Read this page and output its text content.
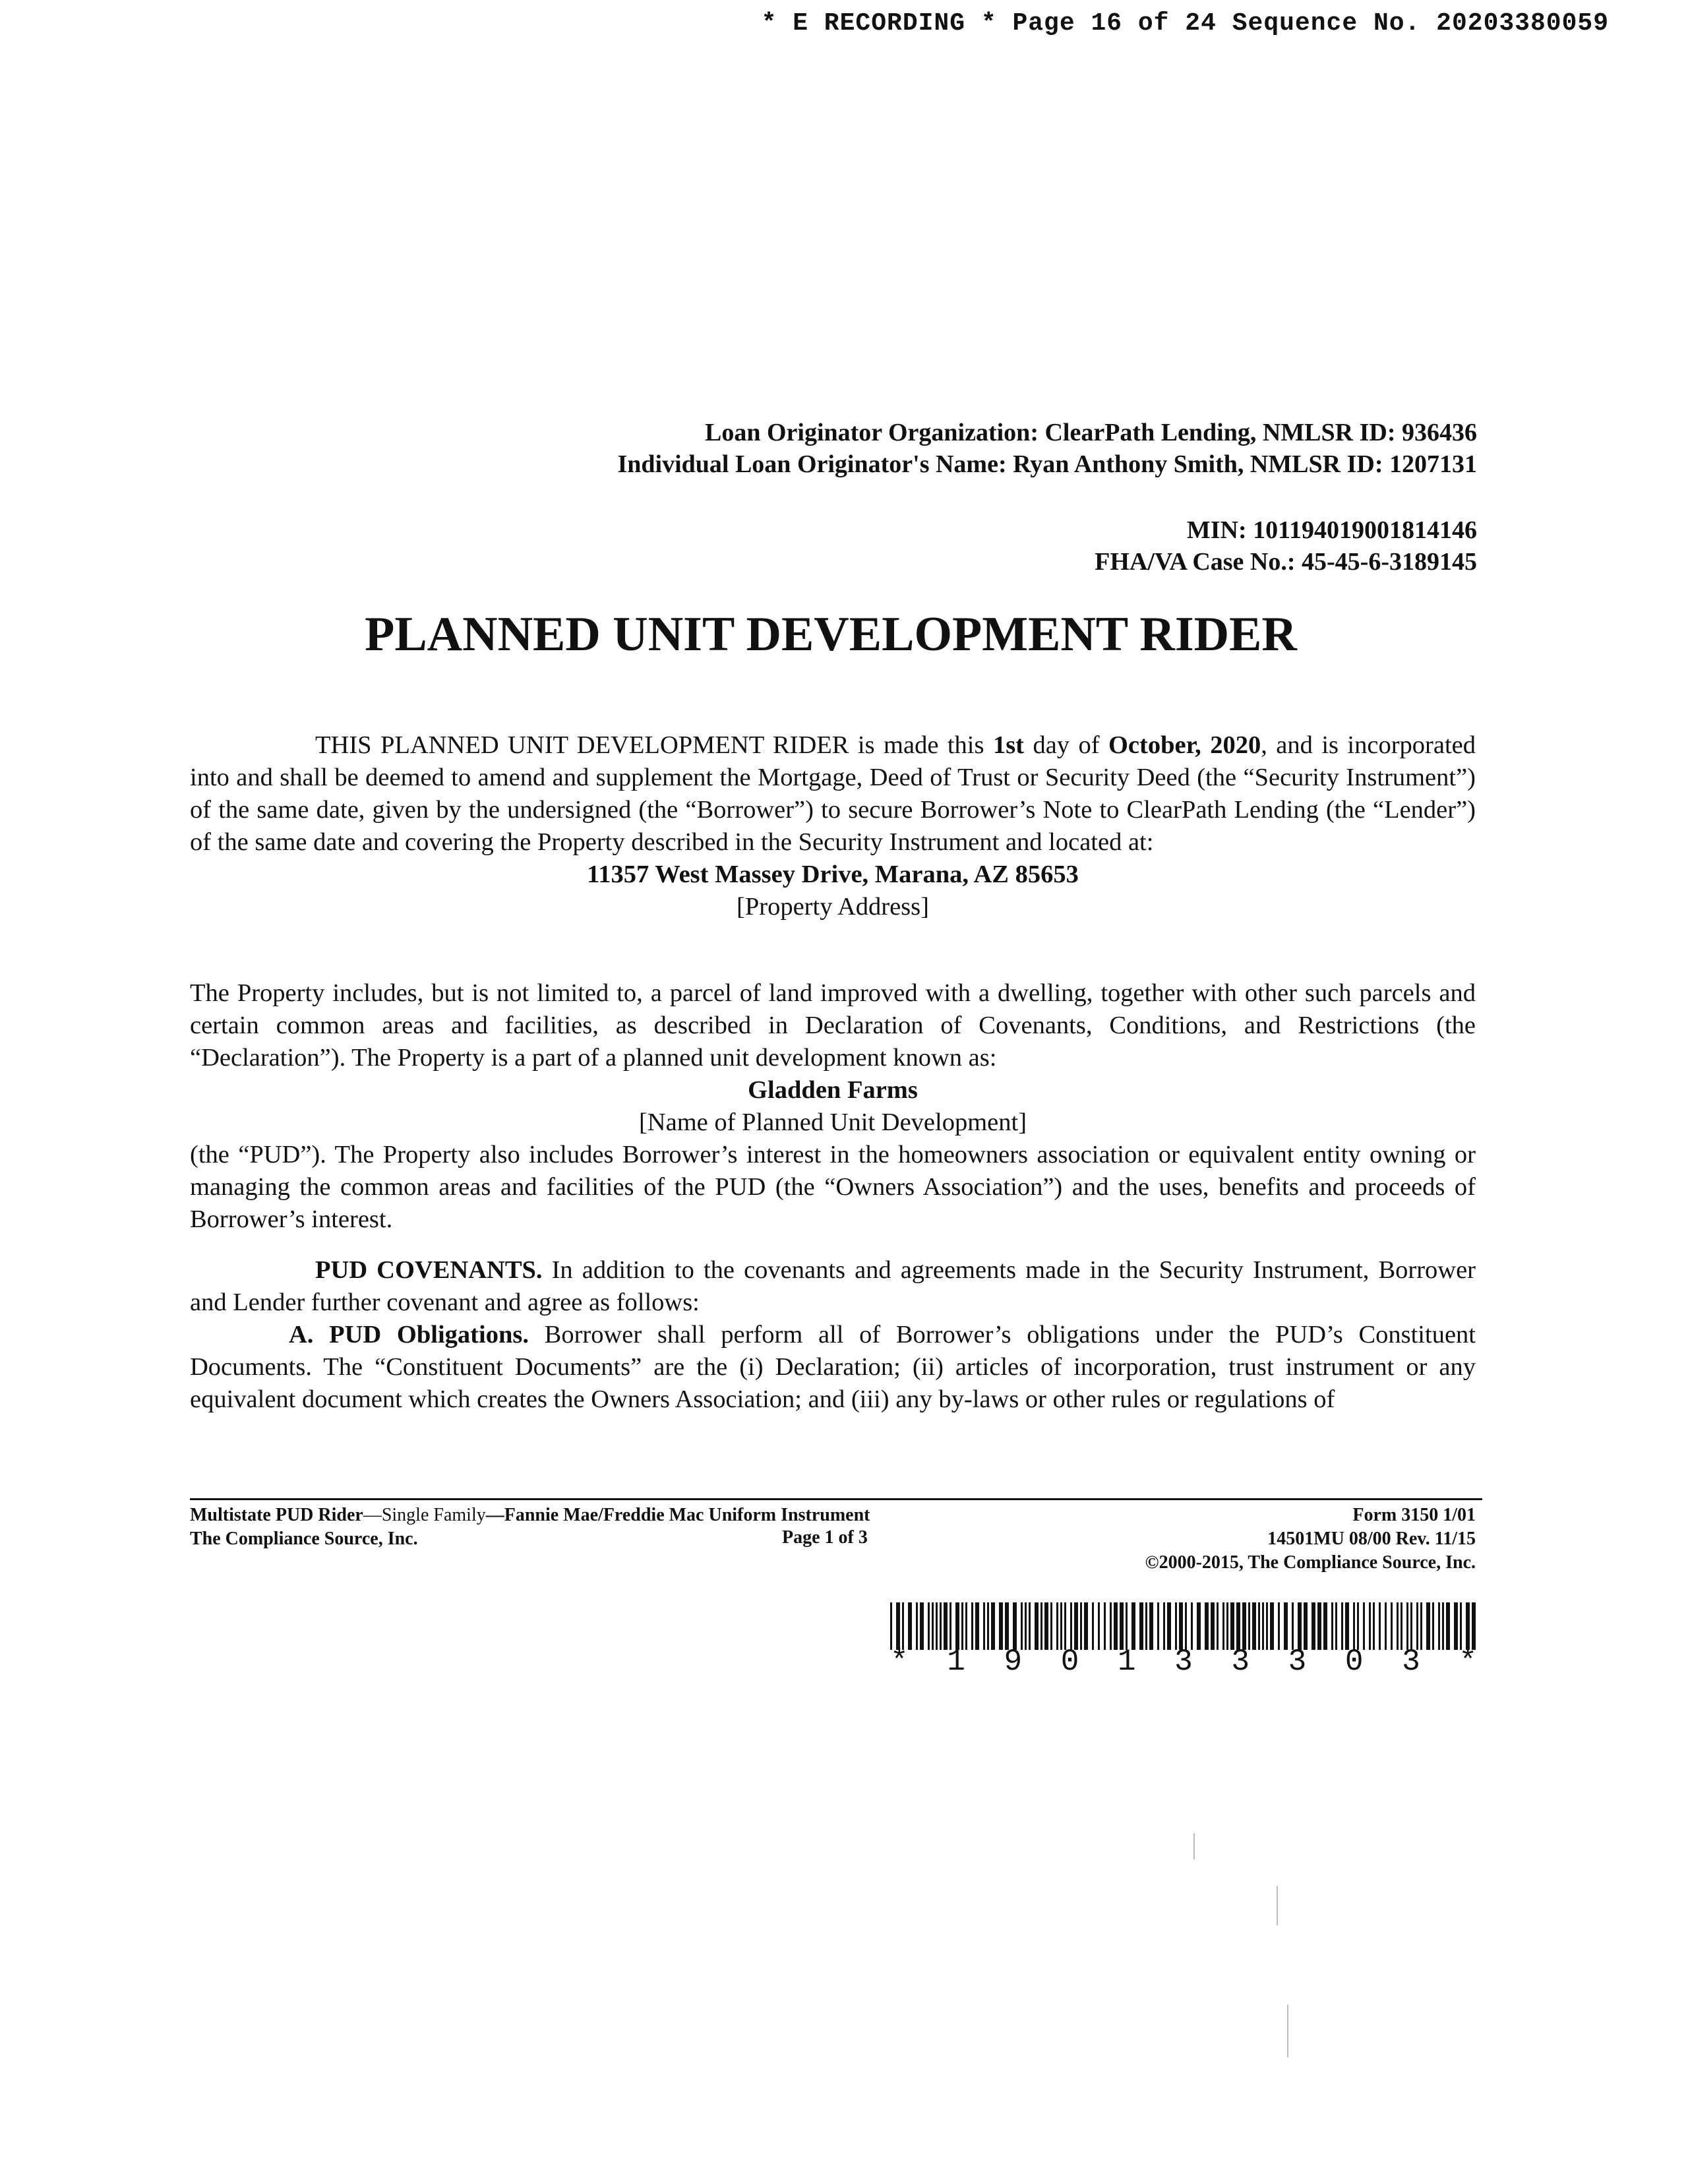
* E RECORDING * Page 16 of 24 Sequence No. 20203380059
Loan Originator Organization: ClearPath Lending, NMLSR ID: 936436
Individual Loan Originator's Name: Ryan Anthony Smith, NMLSR ID: 1207131
MIN: 101194019001814146
FHA/VA Case No.: 45-45-6-3189145
PLANNED UNIT DEVELOPMENT RIDER
THIS PLANNED UNIT DEVELOPMENT RIDER is made this 1st day of October, 2020, and is incorporated into and shall be deemed to amend and supplement the Mortgage, Deed of Trust or Security Deed (the “Security Instrument”) of the same date, given by the undersigned (the “Borrower”) to secure Borrower’s Note to ClearPath Lending (the “Lender”) of the same date and covering the Property described in the Security Instrument and located at:
11357 West Massey Drive, Marana, AZ 85653
[Property Address]
The Property includes, but is not limited to, a parcel of land improved with a dwelling, together with other such parcels and certain common areas and facilities, as described in Declaration of Covenants, Conditions, and Restrictions (the “Declaration”). The Property is a part of a planned unit development known as:
Gladden Farms
[Name of Planned Unit Development]
(the “PUD”). The Property also includes Borrower’s interest in the homeowners association or equivalent entity owning or managing the common areas and facilities of the PUD (the “Owners Association”) and the uses, benefits and proceeds of Borrower’s interest.
PUD COVENANTS. In addition to the covenants and agreements made in the Security Instrument, Borrower and Lender further covenant and agree as follows:
A. PUD Obligations. Borrower shall perform all of Borrower’s obligations under the PUD’s Constituent Documents. The “Constituent Documents” are the (i) Declaration; (ii) articles of incorporation, trust instrument or any equivalent document which creates the Owners Association; and (iii) any by-laws or other rules or regulations of
Multistate PUD Rider—Single Family—Fannie Mae/Freddie Mac Uniform Instrument
The Compliance Source, Inc.	Page 1 of 3
Form 3150 1/01
14501MU 08/00 Rev. 11/15
©2000-2015, The Compliance Source, Inc.
* 1 9 0 1 3 3 3 0 3 *
